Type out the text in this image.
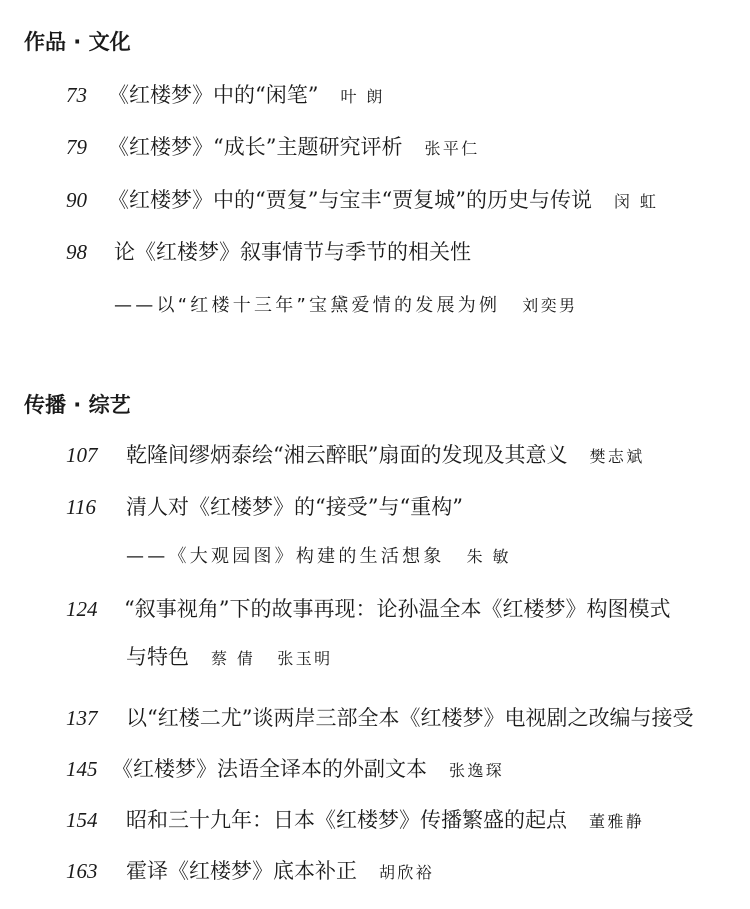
作品 · 文化
73 《红楼梦》中的“闲笔” 叶 朗
79 《红楼梦》“成长”主题研究评析 张平仁
90 《红楼梦》中的“贾复”与宝丰“贾复城”的历史与传说 闵 虹
98 论《红楼梦》叙事情节与季节的相关性
——以“红楼十三年”宝黛爱情的发展为例 刘奕男
传播 · 综艺
107 乾隆间缪炳泰绘“湘云醉眠”扇面的发现及其意义 樊志斌
116 清人对《红楼梦》的“接受”与“重构”
——《大观园图》构建的生活想象 朱 敏
124 “叙事视角”下的故事再现：论孙温全本《红楼梦》构图模式
与特色 蔡 倩 张玉明
137 以“红楼二尤”谈两岸三部全本《红楼梦》电视剧之改编与接受
145 《红楼梦》法语全译本的外副文本 张逸琛
154 昭和三十九年：日本《红楼梦》传播繁盛的起点 董雅静
163 霍译《红楼梦》底本补正 胡欣裕
